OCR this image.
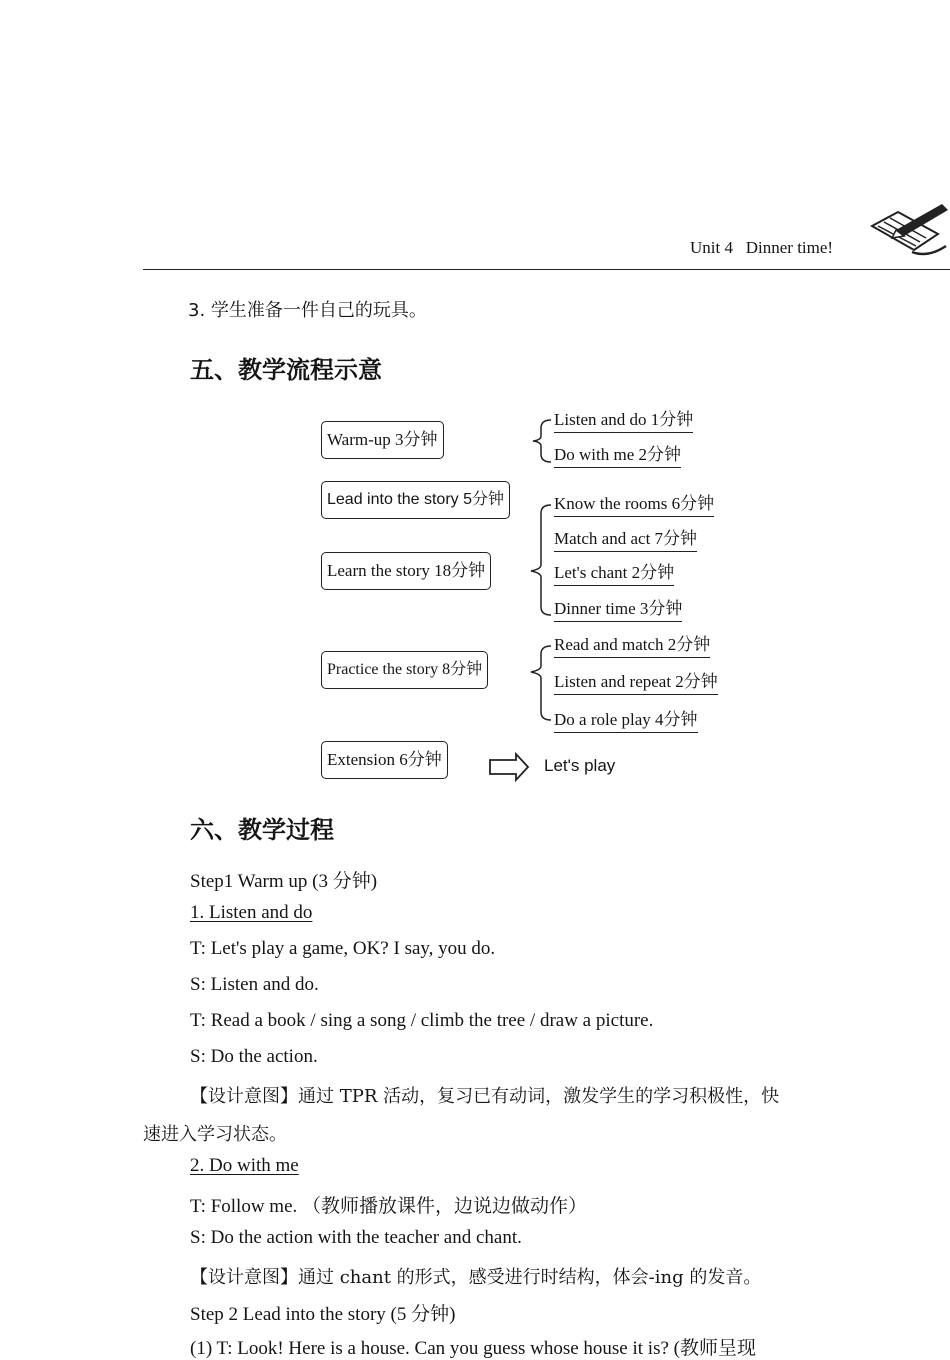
Unit 4 Dinner time!
3. 学生准备一件自己的玩具。
五、教学流程示意
Warm-up 3分钟
Listen and do 1分钟
Do with me 2分钟
Lead into the story 5分钟
Learn the story 18分钟
Know the rooms 6分钟
Match and act 7分钟
Let's chant 2分钟
Dinner time 3分钟
Practice the story 8分钟
Read and match 2分钟
Listen and repeat 2分钟
Do a role play 4分钟
Extension 6分钟	Let's play
六、教学过程
Step1 Warm up (3 分钟)
1. Listen and do
T: Let's play a game, OK? I say, you do.
S: Listen and do.
T: Read a book / sing a song / climb the tree / draw a picture.
S: Do the action.
【设计意图】通过 TPR 活动，复习已有动词，激发学生的学习积极性，快
速进入学习状态。
2. Do with me
T: Follow me. （教师播放课件，边说边做动作）
S: Do the action with the teacher and chant.
【设计意图】通过 chant 的形式，感受进行时结构，体会-ing 的发音。
Step 2 Lead into the story (5 分钟)
(1) T: Look! Here is a house. Can you guess whose house it is? (教师呈现
